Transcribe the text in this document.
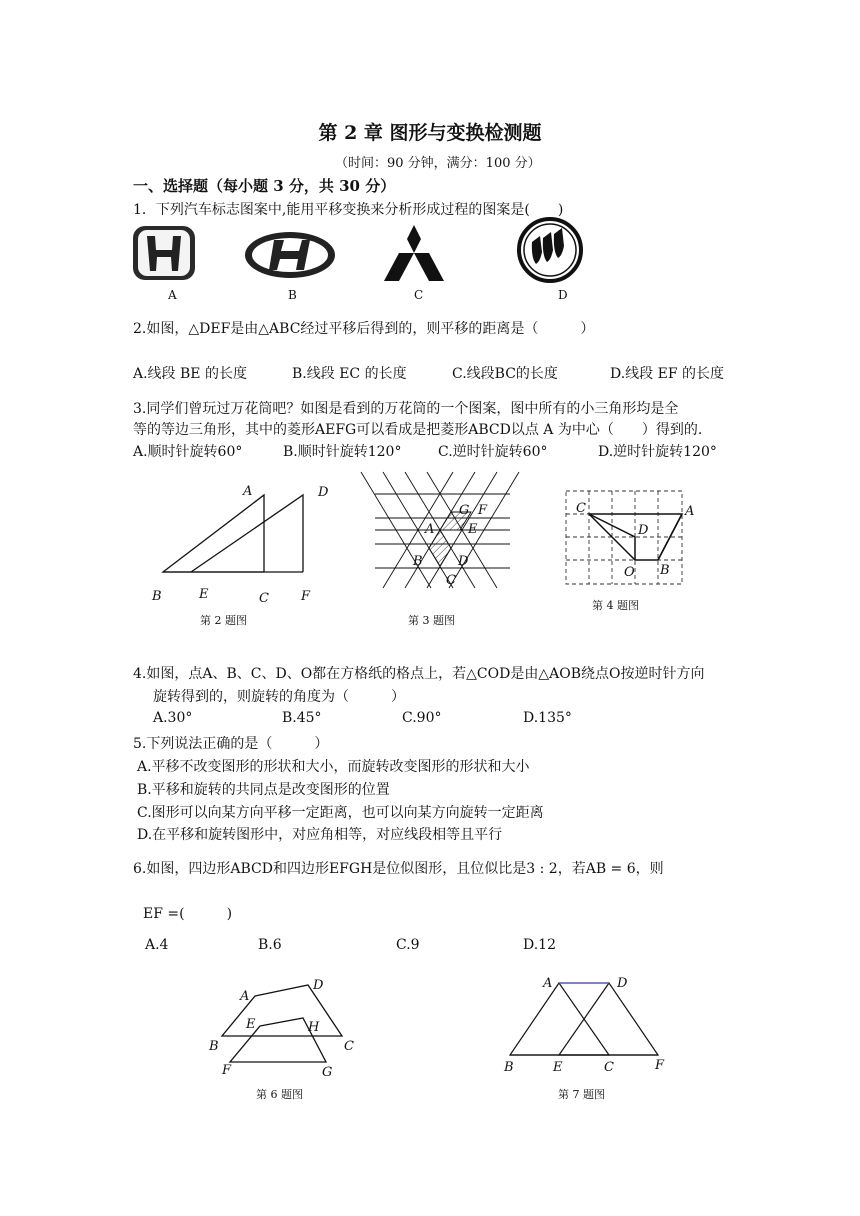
第 2 章 图形与变换检测题
（时间：90 分钟，满分：100 分）
一、选择题（每小题 3 分，共 30 分）
1．下列汽车标志图案中,能用平移变换来分析形成过程的图案是(　　)
A	B	C	D
2.如图，△DEF是由△ABC经过平移后得到的，则平移的距离是（　　　）
A.线段 BE 的长度	B.线段 EC 的长度	C.线段BC的长度	D.线段 EF 的长度
3.同学们曾玩过万花筒吧？如图是看到的万花筒的一个图案，图中所有的小三角形均是全
等的等边三角形，其中的菱形AEFG可以看成是把菱形ABCD以点 A 为中心（　　）得到的.
A.顺时针旋转60°	B.顺时针旋转120°	C.逆时针旋转60°	D.逆时针旋转120°
A	D
B	E	C F
第 2 题图
G F
A	E
B	D
C
第 3 题图
C	A
D
O B
第 4 题图
4.如图，点A、B、C、D、O都在方格纸的格点上，若△COD是由△AOB绕点O按逆时针方向
旋转得到的，则旋转的角度为（　　　）
A.30°	B.45°	C.90°	D.135°
5.下列说法正确的是（　　　）
A.平移不改变图形的形状和大小，而旋转改变图形的形状和大小
B.平移和旋转的共同点是改变图形的位置
C.图形可以向某方向平移一定距离，也可以向某方向旋转一定距离
D.在平移和旋转图形中，对应角相等，对应线段相等且平行
6.如图，四边形ABCD和四边形EFGH是位似图形，且位似比是3 : 2，若AB = 6，则
EF =(　　　)
A.4	B.6	C.9	D.12
A
D
E	H
B	C
F	G
第 6 题图
A	D
B	E	C	F
第 7 题图
